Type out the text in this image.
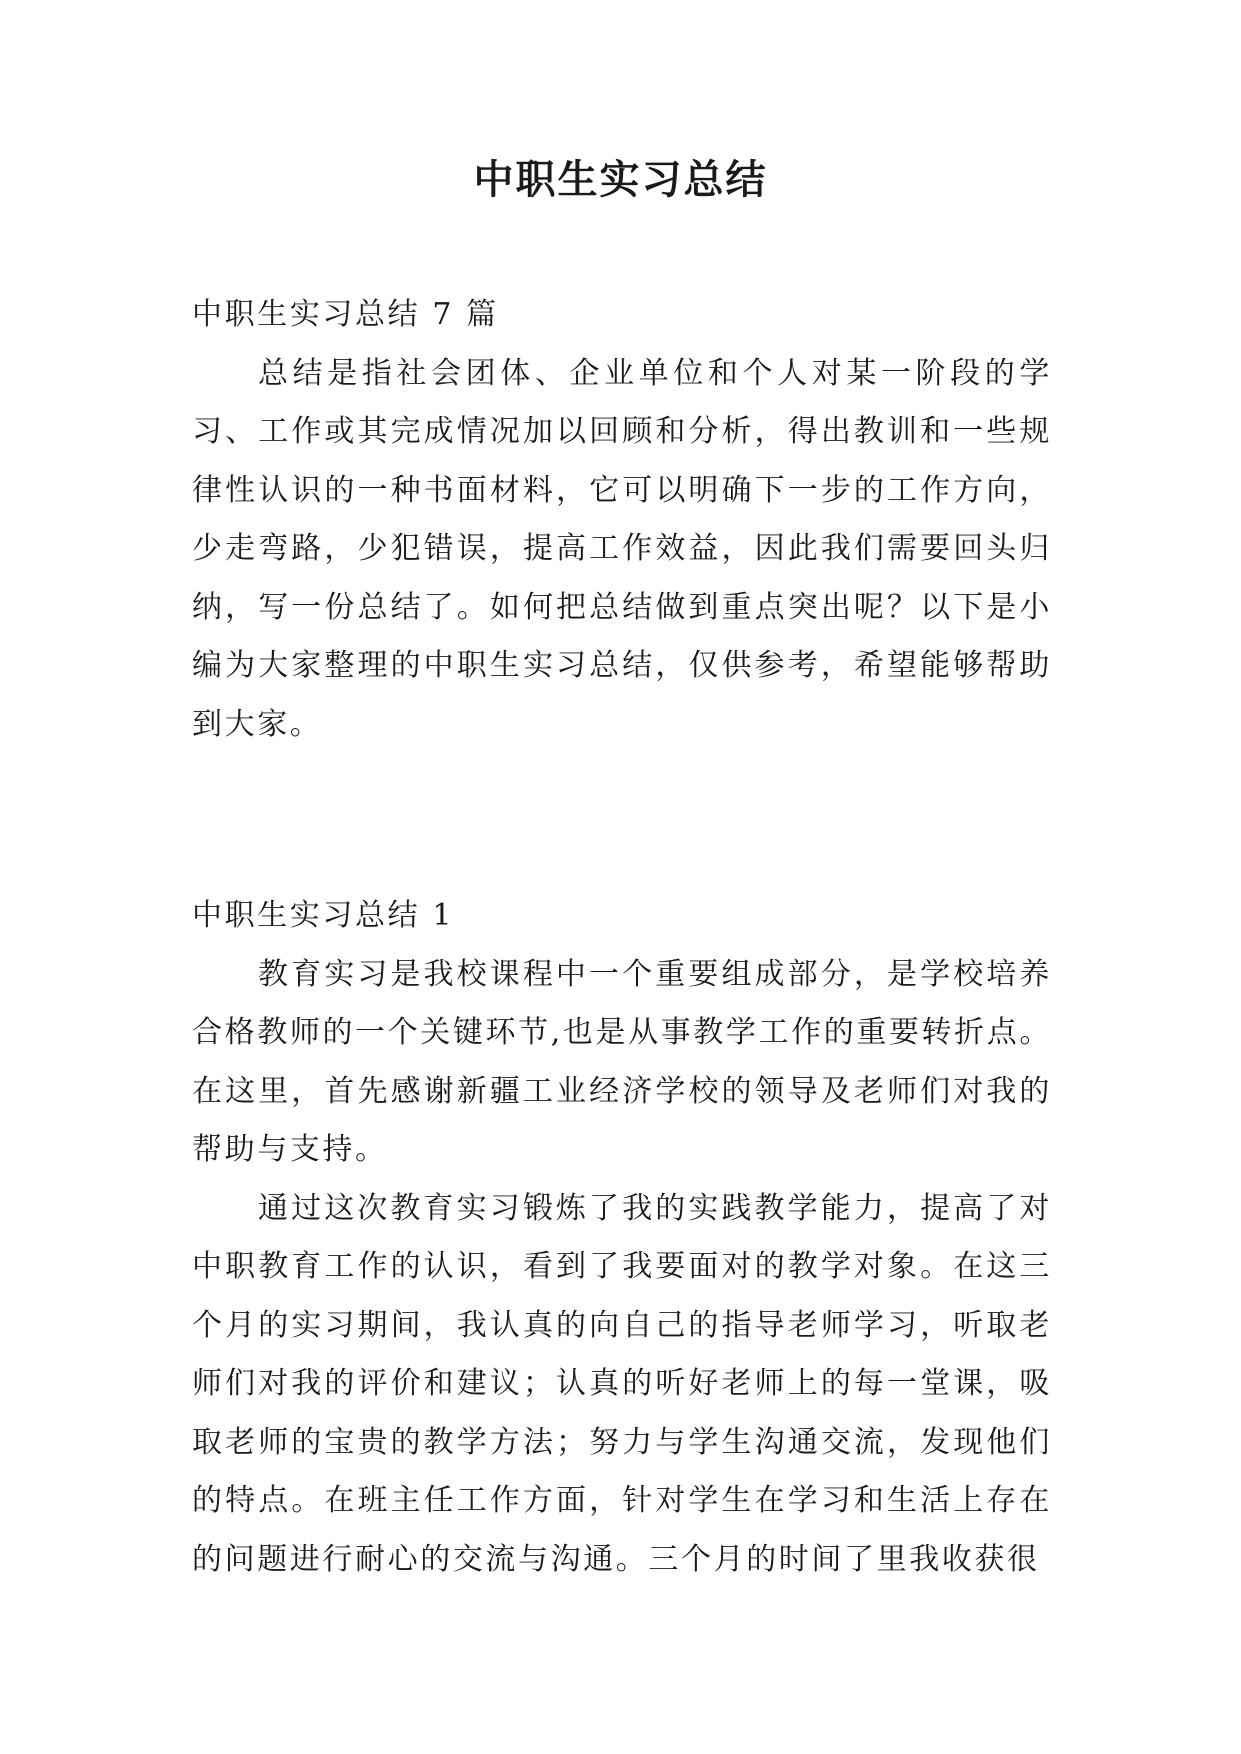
中职生实习总结
中职生实习总结 7 篇

总结是指社会团体、企业单位和个人对某一阶段的学习、工作或其完成情况加以回顾和分析，得出教训和一些规律性认识的一种书面材料，它可以明确下一步的工作方向，少走弯路，少犯错误，提高工作效益，因此我们需要回头归纳，写一份总结了。如何把总结做到重点突出呢？以下是小编为大家整理的中职生实习总结，仅供参考，希望能够帮助到大家。

中职生实习总结 1

教育实习是我校课程中一个重要组成部分，是学校培养合格教师的一个关键环节,也是从事教学工作的重要转折点。在这里，首先感谢新疆工业经济学校的领导及老师们对我的帮助与支持。

通过这次教育实习锻炼了我的实践教学能力，提高了对中职教育工作的认识，看到了我要面对的教学对象。在这三个月的实习期间，我认真的向自己的指导老师学习，听取老师们对我的评价和建议；认真的听好老师上的每一堂课，吸取老师的宝贵的教学方法；努力与学生沟通交流，发现他们的特点。在班主任工作方面，针对学生在学习和生活上存在的问题进行耐心的交流与沟通。三个月的时间了里我收获很
